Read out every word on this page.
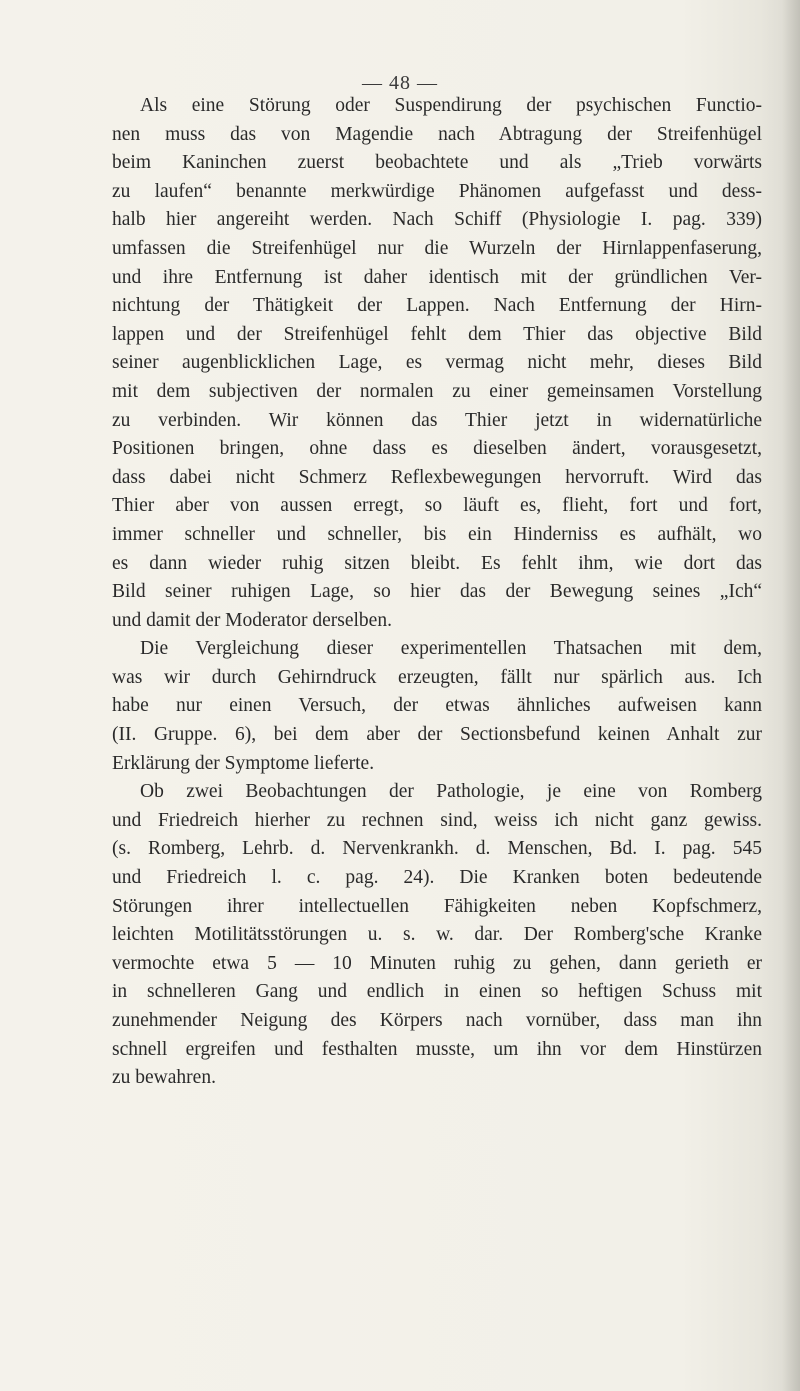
— 48 —
Als eine Störung oder Suspendirung der psychischen Functio-
nen muss das von Magendie nach Abtragung der Streifenhügel
beim Kaninchen zuerst beobachtete und als „Trieb vorwärts
zu laufen“ benannte merkwürdige Phänomen aufgefasst und dess-
halb hier angereiht werden. Nach Schiff (Physiologie I. pag. 339)
umfassen die Streifenhügel nur die Wurzeln der Hirnlappenfaserung,
und ihre Entfernung ist daher identisch mit der gründlichen Ver-
nichtung der Thätigkeit der Lappen. Nach Entfernung der Hirn-
lappen und der Streifenhügel fehlt dem Thier das objective Bild
seiner augenblicklichen Lage, es vermag nicht mehr, dieses Bild
mit dem subjectiven der normalen zu einer gemeinsamen Vorstellung
zu verbinden. Wir können das Thier jetzt in widernatürliche
Positionen bringen, ohne dass es dieselben ändert, vorausgesetzt,
dass dabei nicht Schmerz Reflexbewegungen hervorruft. Wird das
Thier aber von aussen erregt, so läuft es, flieht, fort und fort,
immer schneller und schneller, bis ein Hinderniss es aufhält, wo
es dann wieder ruhig sitzen bleibt. Es fehlt ihm, wie dort das
Bild seiner ruhigen Lage, so hier das der Bewegung seines „Ich“
und damit der Moderator derselben.
Die Vergleichung dieser experimentellen Thatsachen mit dem,
was wir durch Gehirndruck erzeugten, fällt nur spärlich aus. Ich
habe nur einen Versuch, der etwas ähnliches aufweisen kann
(II. Gruppe. 6), bei dem aber der Sectionsbefund keinen Anhalt zur
Erklärung der Symptome lieferte.
Ob zwei Beobachtungen der Pathologie, je eine von Romberg
und Friedreich hierher zu rechnen sind, weiss ich nicht ganz gewiss.
(s. Romberg, Lehrb. d. Nervenkrankh. d. Menschen, Bd. I. pag. 545
und Friedreich l. c. pag. 24). Die Kranken boten bedeutende
Störungen ihrer intellectuellen Fähigkeiten neben Kopfschmerz,
leichten Motilitätsstörungen u. s. w. dar. Der Romberg'sche Kranke
vermochte etwa 5 — 10 Minuten ruhig zu gehen, dann gerieth er
in schnelleren Gang und endlich in einen so heftigen Schuss mit
zunehmender Neigung des Körpers nach vornüber, dass man ihn
schnell ergreifen und festhalten musste, um ihn vor dem Hinstürzen
zu bewahren.
